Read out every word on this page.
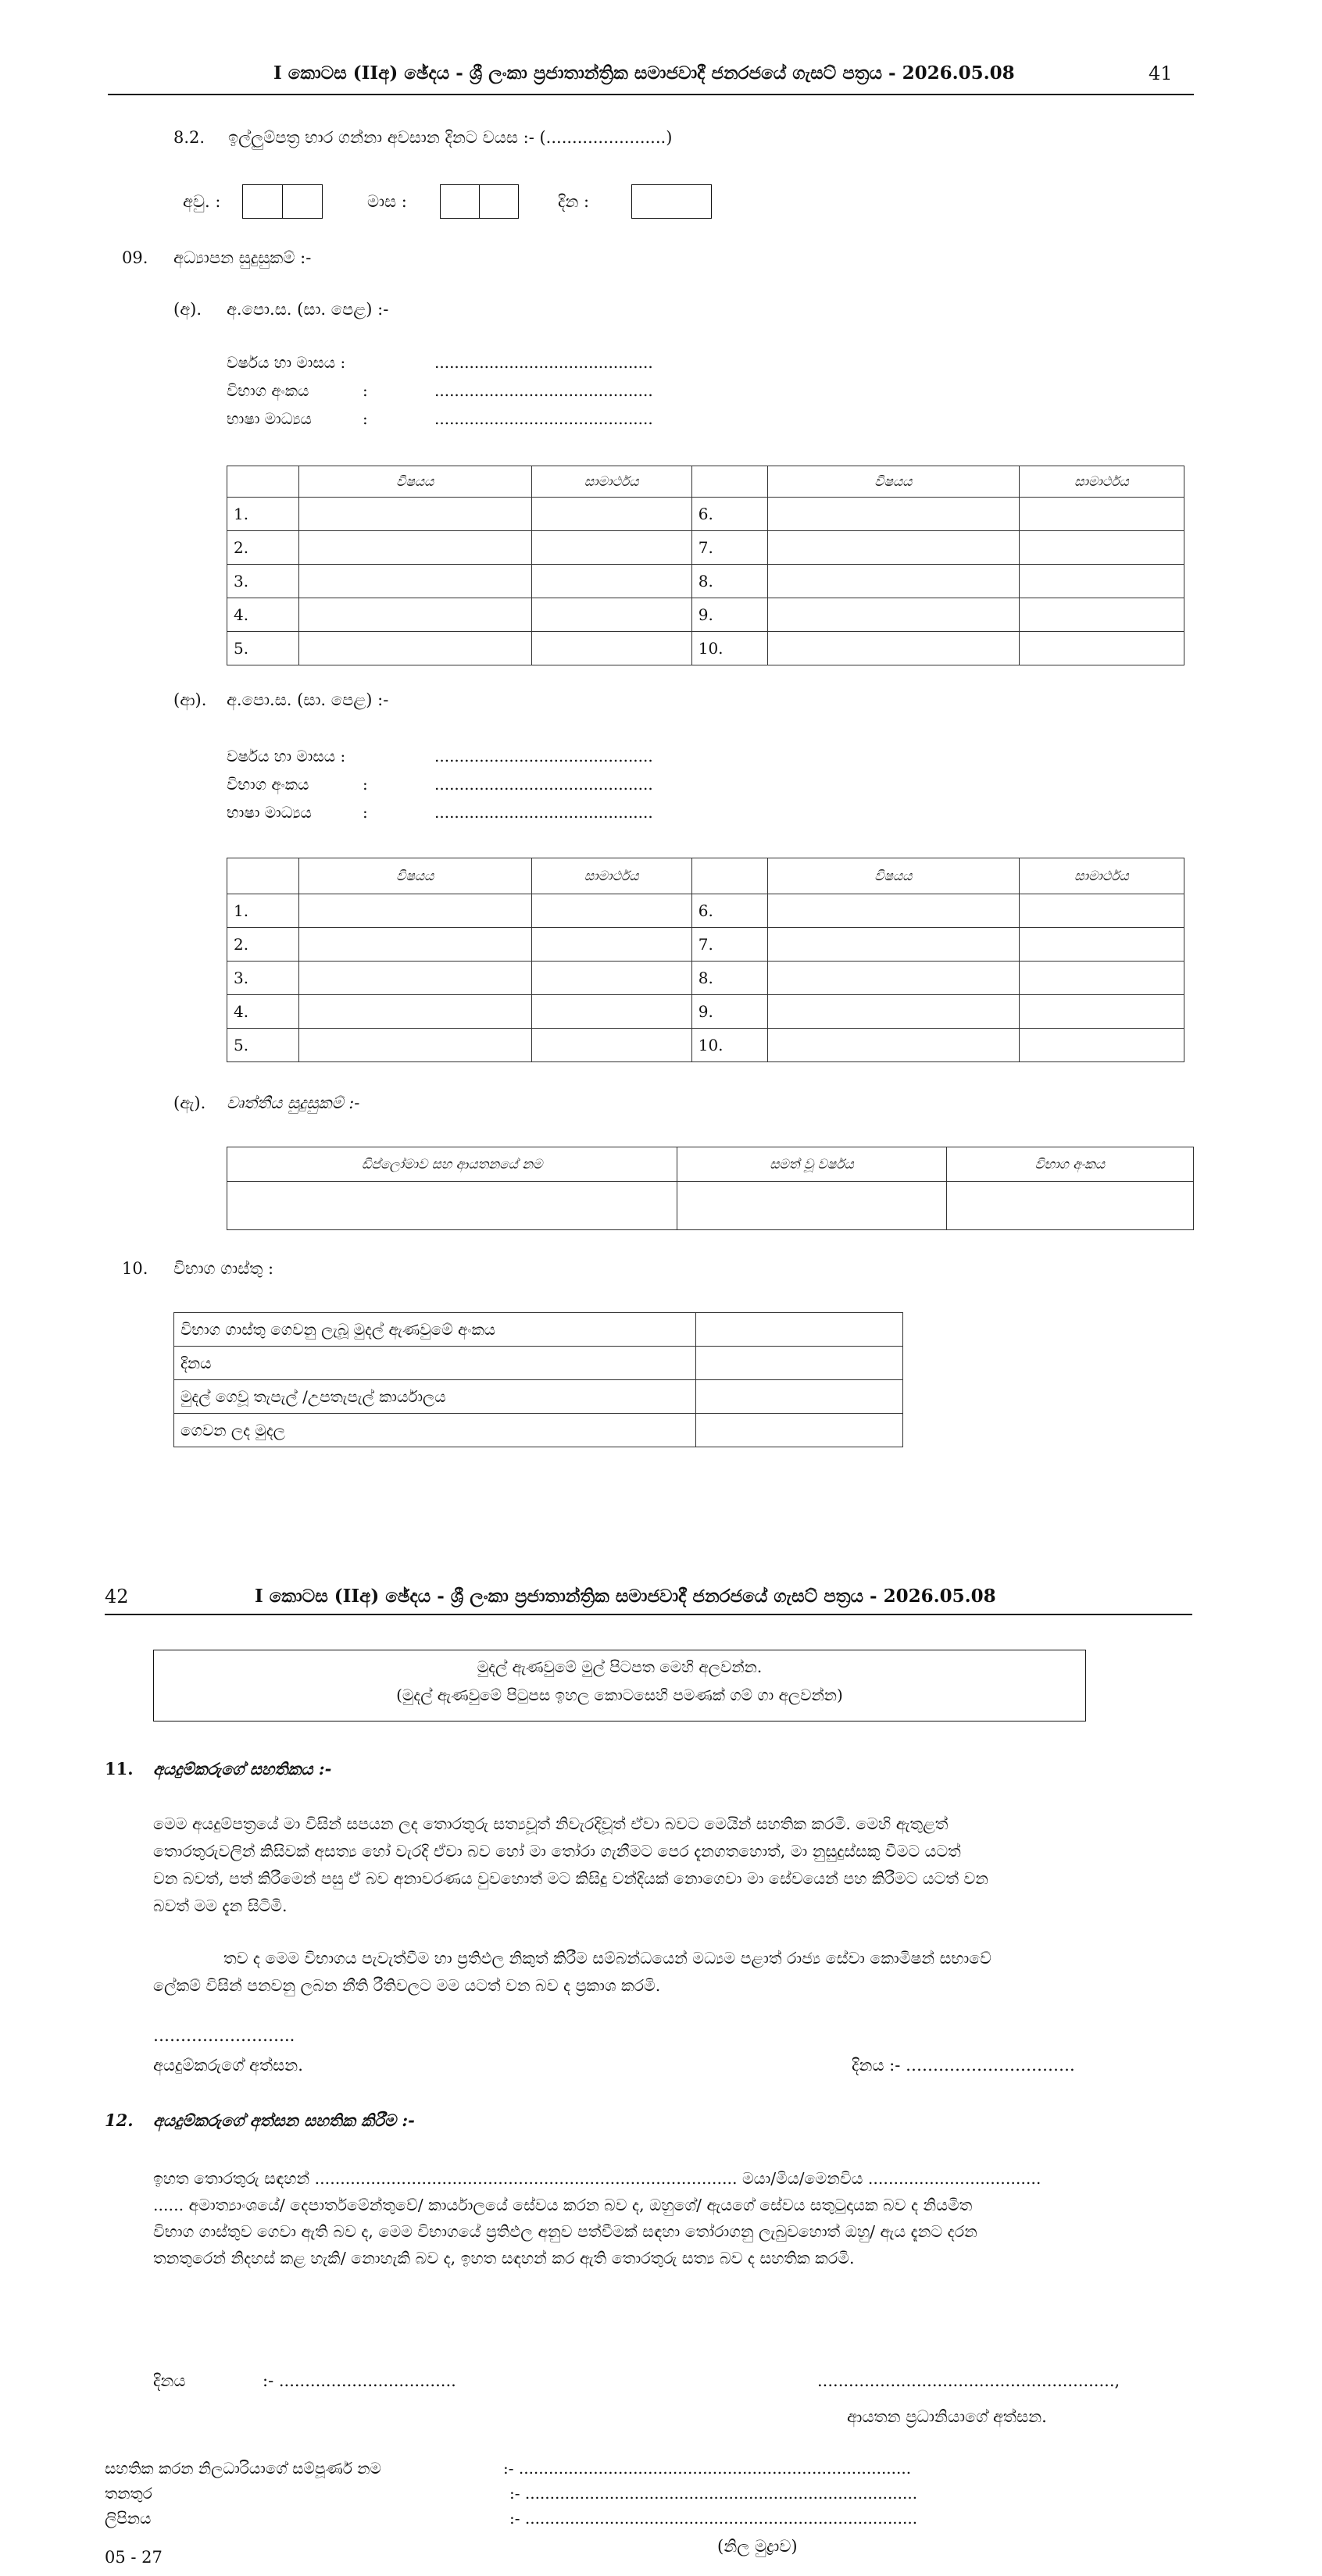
I කොටස (IIඅ) ඡේදය - ශ්‍රී ලංකා ප්‍රජාතාන්ත්‍රික සමාජවාදී ජනරජයේ ගැසට් පත්‍රය - 2026.05.08	41
8.2. ඉල්ලුම්පත්‍ර භාර ගන්නා අවසාන දිනට වයස :- (.......................)
අවු. :	මාස :	දින :
09. අධ්‍යාපන සුදුසුකම් :-
(අ). අ.පො.ස. (සා. පෙළ) :-
වර්ෂය හා මාසය :	............................................
විභාග අංකය	:	............................................
භාෂා මාධ්‍යය	:	............................................
	විෂයය	සාමාර්ථය		විෂයය	සාමාර්ථය
1.			6.		
2.			7.		
3.			8.		
4.			9.		
5.			10.		
(ආ). අ.පො.ස. (සා. පෙළ) :-
වර්ෂය හා මාසය :	............................................
විභාග අංකය	:	............................................
භාෂා මාධ්‍යය	:	............................................
	විෂයය	සාමාර්ථය		විෂයය	සාමාර්ථය
1.			6.		
2.			7.		
3.			8.		
4.			9.		
5.			10.		
(ඇ). වෘත්තීය සුදුසුකම් :-
ඩිප්ලෝමාව සහ ආයතනයේ නම	සමත් වූ වර්ෂය	විභාග අංකය

10. විභාග ගාස්තු :
විභාග ගාස්තු ගෙවනු ලැබූ මුදල් ඇණවුමේ අංකය	
දිනය	
මුදල් ගෙවූ තැපැල් /උපතැපැල් කාර්යාලය	
ගෙවන ලද මුදල	
42	I කොටස (IIඅ) ඡේදය - ශ්‍රී ලංකා ප්‍රජාතාන්ත්‍රික සමාජවාදී ජනරජයේ ගැසට් පත්‍රය - 2026.05.08
මුදල් ඇණවුමේ මුල් පිටපත මෙහි අලවන්න.
(මුදල් ඇණවුමේ පිටුපස ඉහල කොටසෙහි පමණක් ගම් ගා අලවන්න)
11. අයදුම්කරුගේ සහතිකය :-
මෙම අයදුම්පත්‍රයේ මා විසින් සපයන ලද තොරතුරු සත්‍යවූත් නිවැරදිවූත් ඒවා බවට මෙයින් සහතික කරමි. මෙහි ඇතුළත්
තොරතුරුවලින් කිසිවක් අසත්‍ය හෝ වැරදි ඒවා බව හෝ මා තෝරා ගැනීමට පෙර දැනගතහොත්, මා නුසුදුස්සකු වීමට යටත්
වන බවත්, පත් කිරීමෙන් පසු ඒ බව අනාවරණය වුවහොත් මට කිසිදු වන්දියක් නොගෙවා මා සේවයෙන් පහ කිරීමට යටත් වන
බවත් මම දැන සිටිමි.
තව ද මෙම විභාගය පැවැත්වීම හා ප්‍රතිඵල නිකුත් කිරීම සම්බන්ධයෙන් මධ්‍යම පළාත් රාජ්‍ය සේවා කොමිෂන් සභාවේ
ලේකම් විසින් පනවනු ලබන නීති රීතිවලට මම යටත් වන බව ද ප්‍රකාශ කරමි.
……………………..
අයදුම්කරුගේ අත්සන.	දිනය :- ………………………….
12. අයදුම්කරුගේ අත්සන සහතික කිරීම :-
ඉහත තොරතුරු සඳහන් ................................................................................... මයා/මිය/මෙනවිය ..................................
...... අමාත්‍යාංශයේ/ දෙපාර්තමේන්තුවේ/ කාර්යාලයේ සේවය කරන බව ද, ඔහුගේ/ ඇයගේ සේවය සතුටුදායක බව ද නියමිත
විභාග ගාස්තුව ගෙවා ඇති බව ද, මෙම විභාගයේ ප්‍රතිඵල අනුව පත්වීමක් සඳහා තෝරාගනු ලැබුවහොත් ඔහු/ ඇය දැනට දරන
තනතුරෙන් නිදහස් කළ හැකි/ නොහැකි බව ද, ඉහත සඳහන් කර ඇති තොරතුරු සත්‍ය බව ද සහතික කරමි.
දිනය	:- ..................................	.........................................................,
ආයතන ප්‍රධානියාගේ අත්සන.
සහතික කරන නිලධාරියාගේ සම්පූර්ණ නම	:- ...............................................................................
තනතුර	:- ...............................................................................
ලිපිනය	:- ...............................................................................
(නිල මුද්‍රාව)
05 - 27
